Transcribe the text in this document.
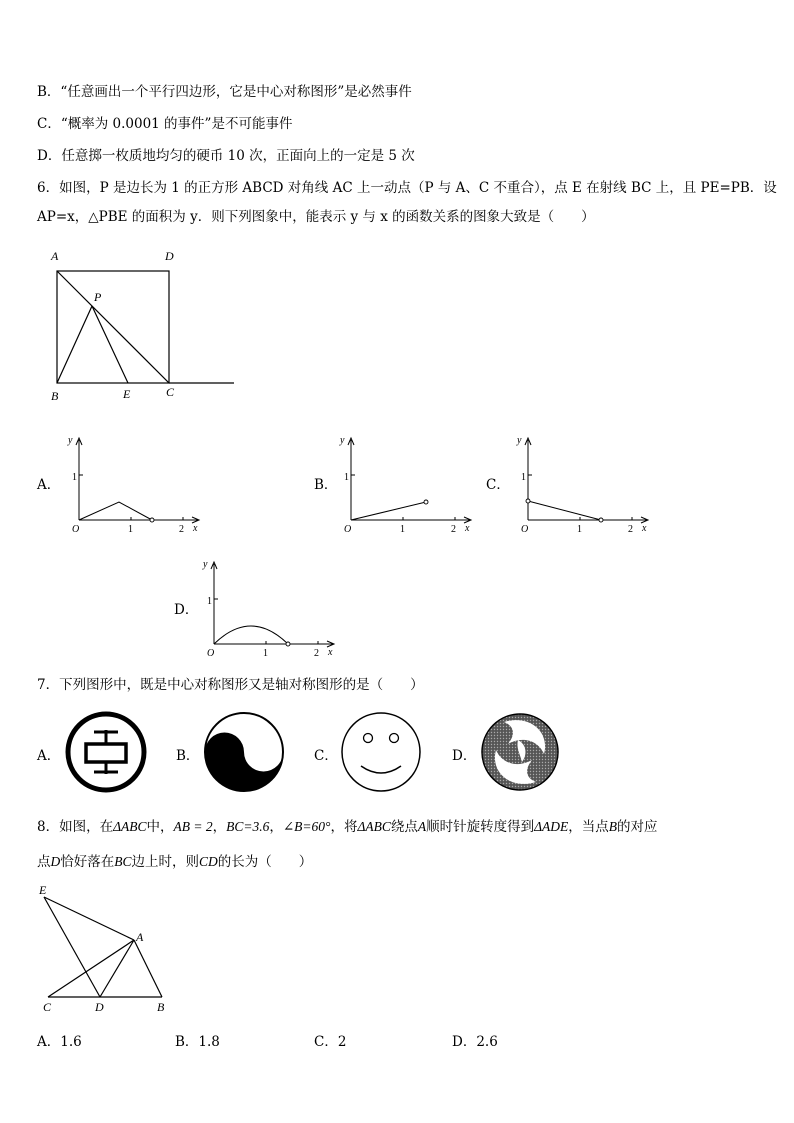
B．“任意画出一个平行四边形，它是中心对称图形”是必然事件
C．“概率为 0.0001 的事件”是不可能事件
D．任意掷一枚质地均匀的硬币 10 次，正面向上的一定是 5 次
6．如图，P 是边长为 1 的正方形 ABCD 对角线 AC 上一动点（P 与 A、C 不重合），点 E 在射线 BC 上，且 PE=PB．设
AP=x，△PBE 的面积为 y．则下列图象中，能表示 y 与 x 的函数关系的图象大致是（　　）
A	D
P
B	E	C
A．	B．	C．
D．
y
1
O	1	2 x
y
1
O	1	2 x
y
1
O	1	2 x
y
1
O	1	2 x
7．下列图形中，既是中心对称图形又是轴对称图形的是（　　）
A．	B．	C．	D．
8．如图，在ΔABC中，AB = 2，BC=3.6，∠B=60°，将ΔABC绕点A顺时针旋转度得到ΔADE，当点B的对应
点D恰好落在BC边上时，则CD的长为（　　）
E
A
C	D	B
A．1.6	B．1.8	C．2	D．2.6
